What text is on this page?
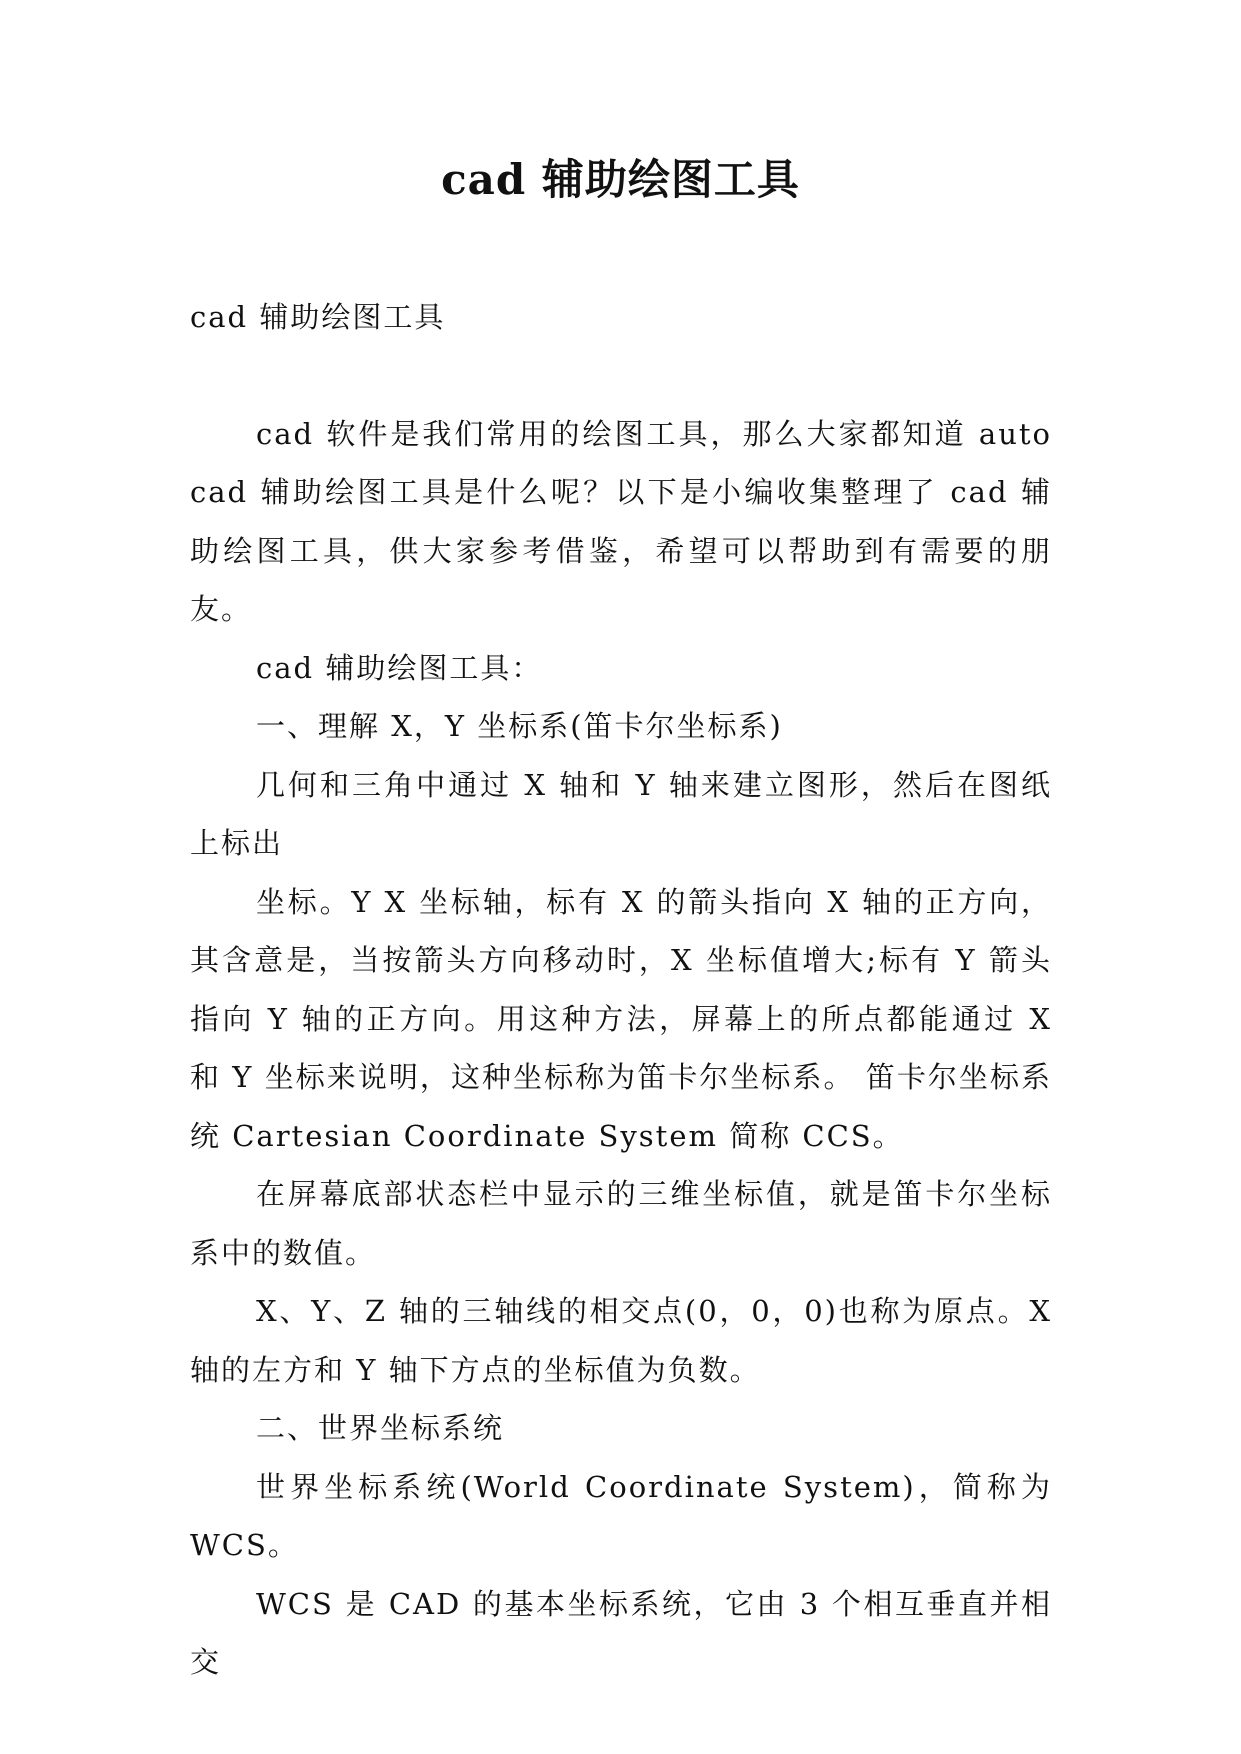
cad 辅助绘图工具

cad 辅助绘图工具

cad 软件是我们常用的绘图工具，那么大家都知道 auto cad 辅助绘图工具是什么呢？以下是小编收集整理了 cad 辅助绘图工具，供大家参考借鉴，希望可以帮助到有需要的朋友。

cad 辅助绘图工具：

一、理解 X，Y 坐标系(笛卡尔坐标系)

几何和三角中通过 X 轴和 Y 轴来建立图形，然后在图纸上标出

坐标。Y X 坐标轴，标有 X 的箭头指向 X 轴的正方向，其含意是，当按箭头方向移动时，X 坐标值增大;标有 Y 箭头指向 Y 轴的正方向。用这种方法，屏幕上的所点都能通过 X 和 Y 坐标来说明，这种坐标称为笛卡尔坐标系。 笛卡尔坐标系统 Cartesian Coordinate System 简称 CCS。

在屏幕底部状态栏中显示的三维坐标值，就是笛卡尔坐标系中的数值。

X、Y、Z 轴的三轴线的相交点(0，0，0)也称为原点。X 轴的左方和 Y 轴下方点的坐标值为负数。

二、世界坐标系统

世界坐标系统(World Coordinate System)，简称为 WCS。

WCS 是 CAD 的基本坐标系统，它由 3 个相互垂直并相交
